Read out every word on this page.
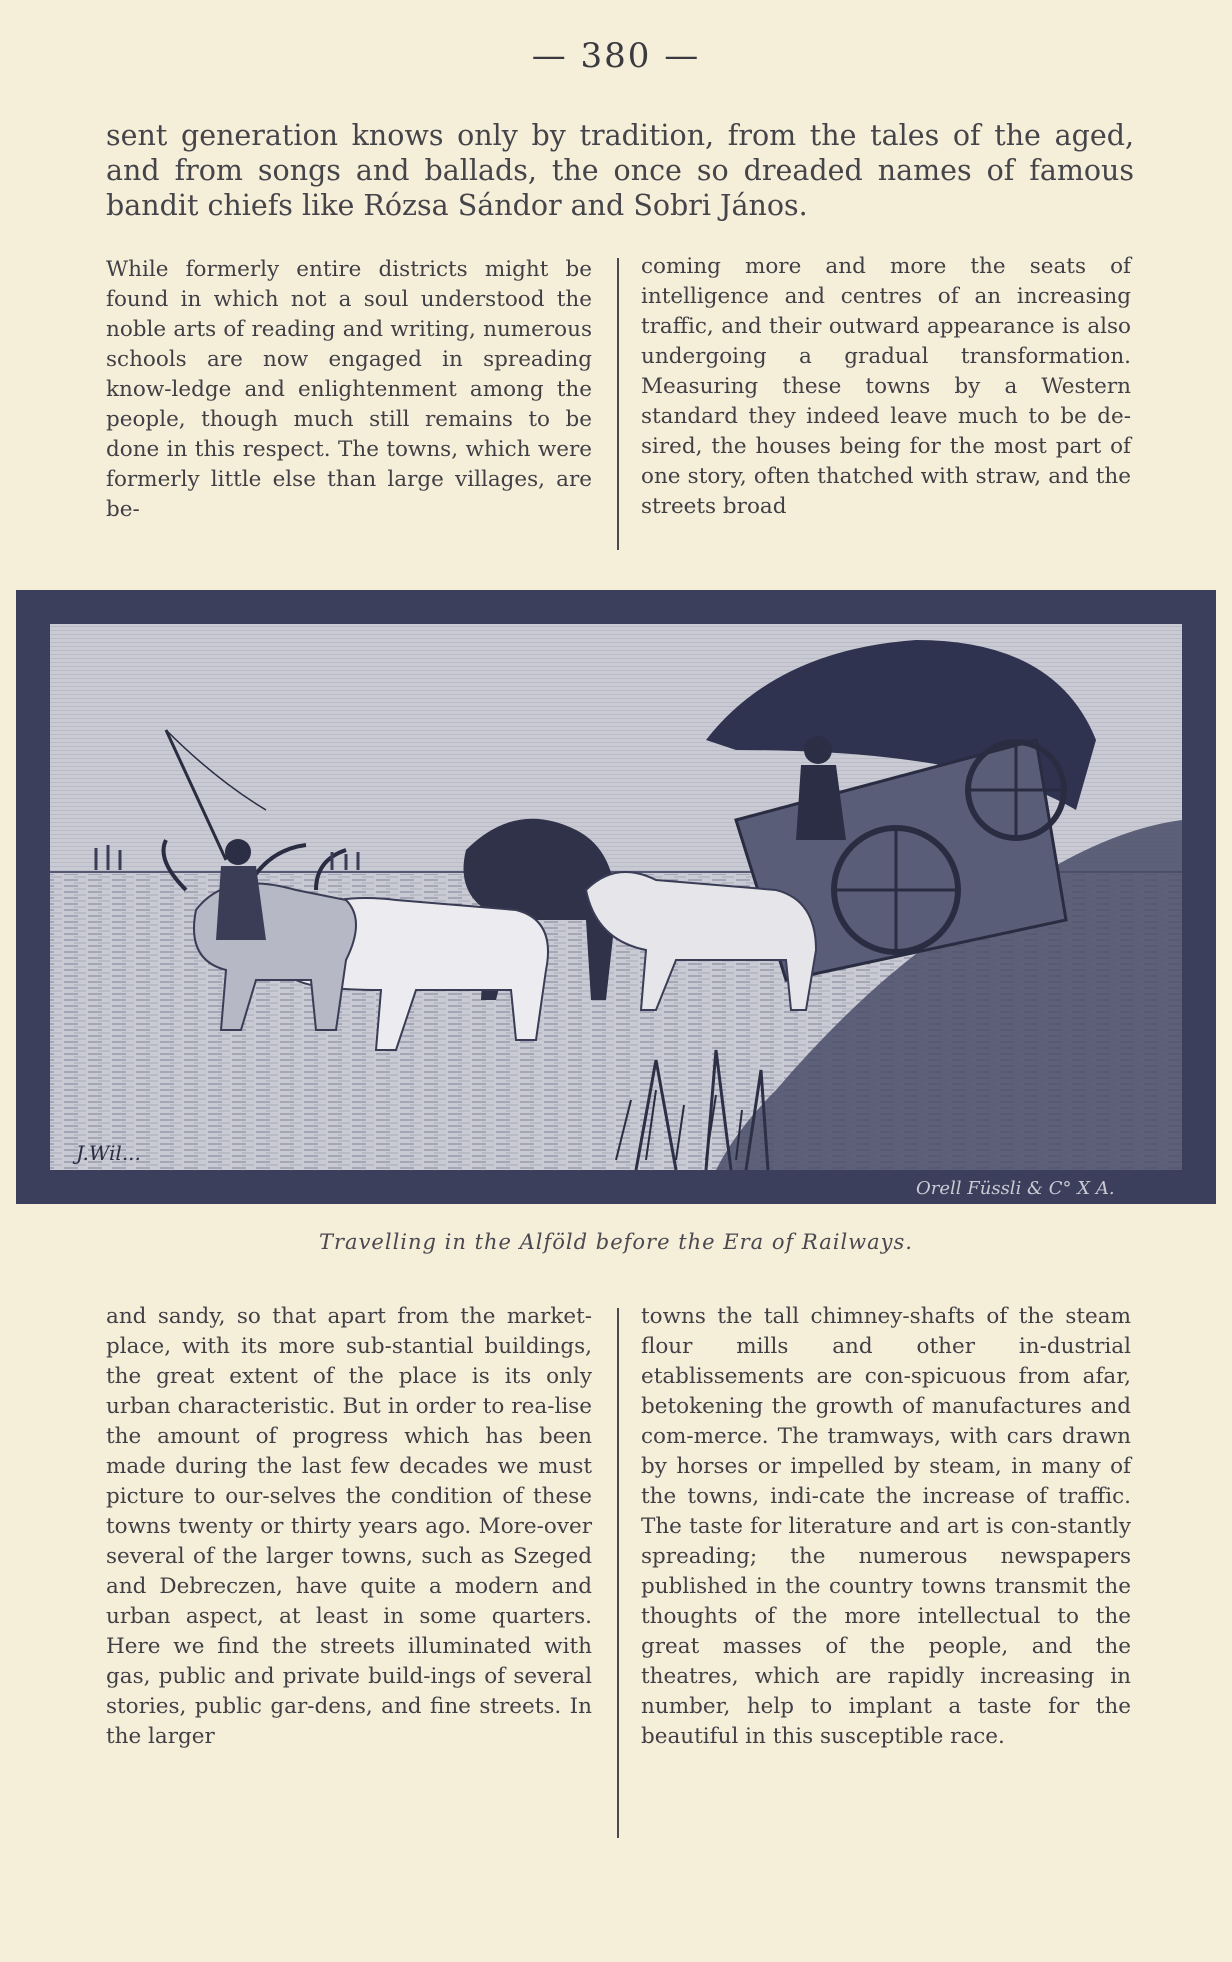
— 380 —
sent generation knows only by tradition, from the tales of the aged, and from songs and ballads, the once so dreaded names of famous bandit chiefs like Rózsa Sándor and Sobri János.
While formerly entire districts might be found in which not a soul understood the noble arts of reading and writing, numerous schools are now engaged in spreading know-ledge and enlightenment among the people, though much still remains to be done in this respect. The towns, which were formerly little else than large villages, are be-
coming more and more the seats of intelligence and centres of an increasing traffic, and their outward appearance is also undergoing a gradual transformation. Measuring these towns by a Western standard they indeed leave much to be de-sired, the houses being for the most part of one story, often thatched with straw, and the streets broad
J.Wil...
Orell Füssli & C° X A.
Travelling in the Alföld before the Era of Railways.
and sandy, so that apart from the market-place, with its more sub-stantial buildings, the great extent of the place is its only urban characteristic. But in order to rea-lise the amount of progress which has been made during the last few decades we must picture to our-selves the condition of these towns twenty or thirty years ago. More-over several of the larger towns, such as Szeged and Debreczen, have quite a modern and urban aspect, at least in some quarters. Here we find the streets illuminated with gas, public and private build-ings of several stories, public gar-dens, and fine streets. In the larger
towns the tall chimney-shafts of the steam flour mills and other in-dustrial etablissements are con-spicuous from afar, betokening the growth of manufactures and com-merce. The tramways, with cars drawn by horses or impelled by steam, in many of the towns, indi-cate the increase of traffic. The taste for literature and art is con-stantly spreading; the numerous newspapers published in the country towns transmit the thoughts of the more intellectual to the great masses of the people, and the theatres, which are rapidly increasing in number, help to implant a taste for the beautiful in this susceptible race.
